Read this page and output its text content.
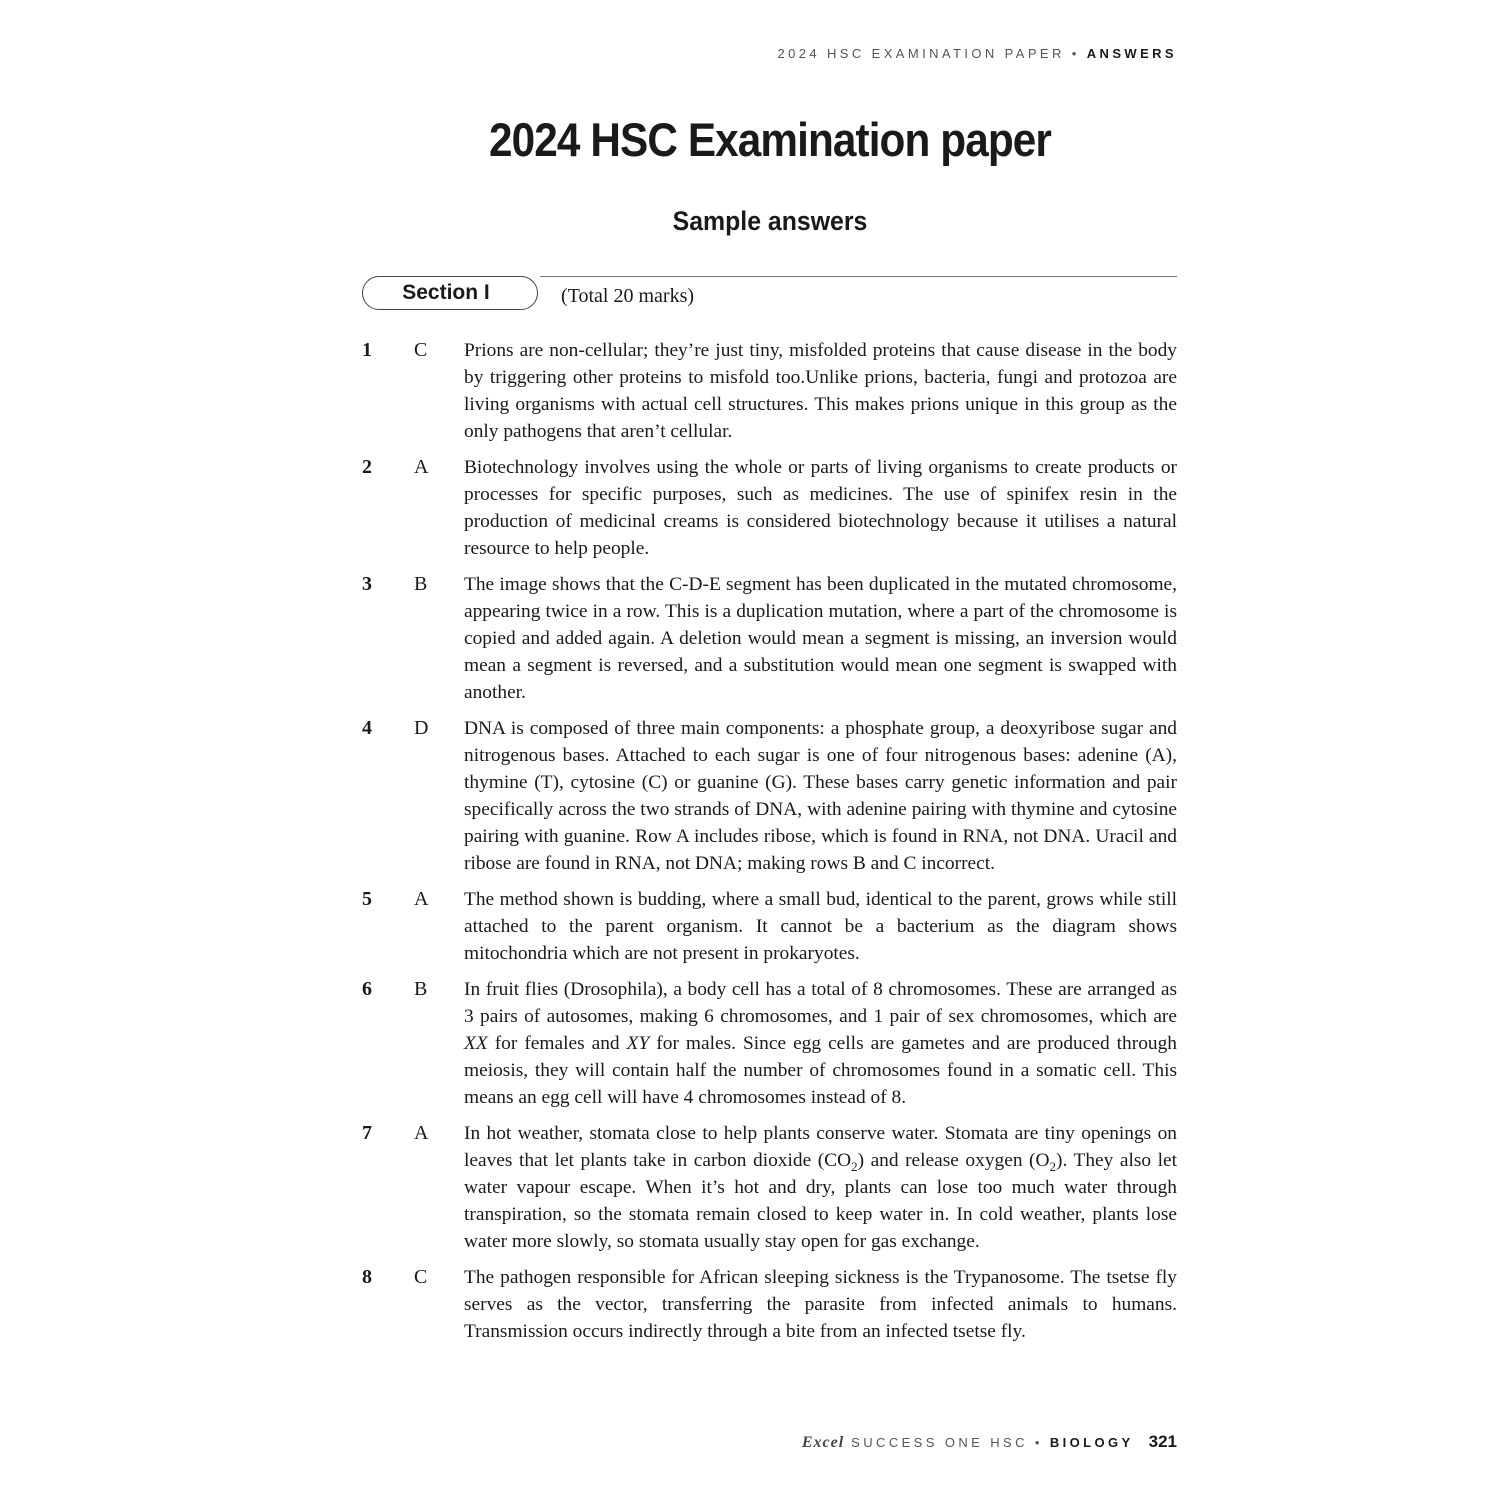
2024 HSC EXAMINATION PAPER • ANSWERS
2024 HSC Examination paper
Sample answers
Section I	(Total 20 marks)
1	C	Prions are non-cellular; they’re just tiny, misfolded proteins that cause disease in the body by triggering other proteins to misfold too.Unlike prions, bacteria, fungi and protozoa are living organisms with actual cell structures. This makes prions unique in this group as the only pathogens that aren’t cellular.

2	A	Biotechnology involves using the whole or parts of living organisms to create products or processes for specific purposes, such as medicines. The use of spinifex resin in the production of medicinal creams is considered biotechnology because it utilises a natural resource to help people.

3	B	The image shows that the C-D-E segment has been duplicated in the mutated chromosome, appearing twice in a row. This is a duplication mutation, where a part of the chromosome is copied and added again. A deletion would mean a segment is missing, an inversion would mean a segment is reversed, and a substitution would mean one segment is swapped with another.

4	D	DNA is composed of three main components: a phosphate group, a deoxyribose sugar and nitrogenous bases. Attached to each sugar is one of four nitrogenous bases: adenine (A), thymine (T), cytosine (C) or guanine (G). These bases carry genetic information and pair specifically across the two strands of DNA, with adenine pairing with thymine and cytosine pairing with guanine. Row A includes ribose, which is found in RNA, not DNA. Uracil and ribose are found in RNA, not DNA; making rows B and C incorrect.

5	A	The method shown is budding, where a small bud, identical to the parent, grows while still attached to the parent organism. It cannot be a bacterium as the diagram shows mitochondria which are not present in prokaryotes.

6	B	In fruit flies (Drosophila), a body cell has a total of 8 chromosomes. These are arranged as 3 pairs of autosomes, making 6 chromosomes, and 1 pair of sex chromosomes, which are XX for females and XY for males. Since egg cells are gametes and are produced through meiosis, they will contain half the number of chromosomes found in a somatic cell. This means an egg cell will have 4 chromosomes instead of 8.

7	A	In hot weather, stomata close to help plants conserve water. Stomata are tiny openings on leaves that let plants take in carbon dioxide $(CO_2)$ and release oxygen $(O_2)$. They also let water vapour escape. When it’s hot and dry, plants can lose too much water through transpiration, so the stomata remain closed to keep water in. In cold weather, plants lose water more slowly, so stomata usually stay open for gas exchange.

8	C	The pathogen responsible for African sleeping sickness is the Trypanosome. The tsetse fly serves as the vector, transferring the parasite from infected animals to humans. Transmission occurs indirectly through a bite from an infected tsetse fly.

Excel SUCCESS ONE HSC • BIOLOGY 321
